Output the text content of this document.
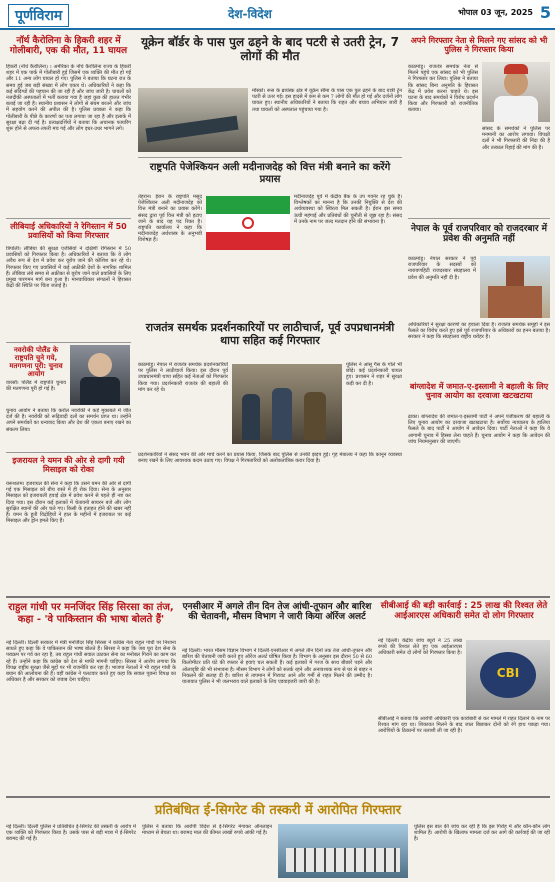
पूर्णविराम	देश-विदेश	भोपाल 03 जून, 2025 5
नॉर्थ कैरोलिना के हिकरी शहर में गोलीबारी, एक की मौत, 11 घायल
हिकरी (नॉर्थ कैरोलिना) । अमेरिका के नॉर्थ कैरोलिना राज्य के हिकरी शहर में एक पार्क में गोलीबारी हुई जिसमें एक व्यक्ति की मौत हो गई और 11 अन्य लोग घायल हो गए। पुलिस ने बताया कि घटना रात के समय हुई जब बड़ी संख्या में लोग एकत्र थे। अधिकारियों ने कहा कि कई संदिग्धों की पहचान की जा रही है और जांच जारी है। घायलों को नजदीकी अस्पतालों में भर्ती कराया गया है जहां कुछ की हालत गंभीर बताई जा रही है। स्थानीय प्रशासन ने लोगों से संयम बरतने और जांच में सहयोग करने की अपील की है। पुलिस प्रवक्ता ने कहा कि गोलीबारी के पीछे के कारणों का पता लगाया जा रहा है और इलाके में सुरक्षा बढ़ा दी गई है। प्रत्यक्षदर्शियों ने बताया कि अचानक फायरिंग शुरू होने से अफरा-तफरी मच गई और लोग इधर-उधर भागने लगे।
लीबियाई अधिकारियों ने रेगिस्तान में 50 प्रवासियों को किया गिरफ्तार
त्रिपोली। लीबिया की सुरक्षा एजेंसियों ने दक्षिणी रेगिस्तान में 50 प्रवासियों को गिरफ्तार किया है। अधिकारियों ने बताया कि ये लोग अवैध रूप से देश में प्रवेश कर यूरोप जाने की कोशिश कर रहे थे। गिरफ्तार किए गए प्रवासियों में कई अफ्रीकी देशों के नागरिक शामिल हैं। लीबिया लंबे समय से अफ्रीका से यूरोप जाने वाले प्रवासियों के लिए प्रमुख पारगमन मार्ग बना हुआ है। मानवाधिकार संगठनों ने हिरासत केंद्रों की स्थिति पर चिंता जताई है।
नवरोकी पोलैंड के राष्ट्रपति चुने गये, मतगणना पूरी: चुनाव आयोग
वारसॉ। पोलैंड में राष्ट्रपति चुनाव की मतगणना पूरी हो गई है।
चुनाव आयोग ने बताया कि करोल नवरोकी ने कड़े मुकाबले में जीत दर्ज की है। नवरोकी को रूढ़िवादी दलों का समर्थन प्राप्त था। उन्होंने अपने समर्थकों का धन्यवाद किया और देश की एकता बनाए रखने का संकल्प लिया।
इजरायल ने यमन की ओर से दागी गयी मिसाइल को रोका
यरूशलम। इजरायल की सेना ने कहा कि उसने यमन की ओर से दागी गई एक मिसाइल को बीच रास्ते में ही रोक दिया। सेना के अनुसार मिसाइल को इजरायली हवाई क्षेत्र में प्रवेश करने से पहले ही नष्ट कर दिया गया। इस दौरान कई इलाकों में चेतावनी सायरन बजे और लोग सुरक्षित स्थानों की ओर चले गए। किसी के हताहत होने की खबर नहीं है। यमन के हूती विद्रोहियों ने हाल के महीनों में इजरायल पर कई मिसाइल और ड्रोन हमले किए हैं।
यूक्रेन बॉर्डर के पास पुल ढहने के बाद पटरी से उतरी ट्रेन, 7 लोगों की मौत
मॉस्को। रूस के ब्रायंस्क क्षेत्र में यूक्रेन सीमा के पास एक पुल ढहने के बाद यात्री ट्रेन पटरी से उतर गई। इस हादसे में कम से कम 7 लोगों की मौत हो गई और दर्जनों लोग घायल हुए। स्थानीय अधिकारियों ने बताया कि राहत और बचाव अभियान जारी है तथा घायलों को अस्पताल पहुंचाया गया है।
राष्ट्रपति पेजेश्कियन अली मदीनाजदेह को वित्त मंत्री बनाने का करेंगे प्रयास
तेहरान। ईरान के राष्ट्रपति मसूद पेजेश्कियन अली मदीनाजदेह को वित्त मंत्री बनाने का प्रयास करेंगे। संसद द्वारा पूर्व वित्त मंत्री को हटाए जाने के बाद यह पद रिक्त है। राष्ट्रपति कार्यालय ने कहा कि मदीनाजदेह अर्थशास्त्र के अनुभवी विशेषज्ञ हैं।
मदीनाजदेह पूर्व में केंद्रीय बैंक के उप गवर्नर रह चुके हैं। विश्लेषकों का मानना है कि उनकी नियुक्ति से देश की अर्थव्यवस्था को स्थिरता मिल सकती है। ईरान इस समय ऊंची महंगाई और प्रतिबंधों की चुनौती से जूझ रहा है। संसद में उनके नाम पर जल्द मतदान होने की संभावना है।
अपने गिरफ्तार नेता से मिलने गए सांसद को भी पुलिस ने गिरफ्तार किया
काठमांडू। राजतंत्र समर्थक नेता से मिलने पहुंचे एक सांसद को भी पुलिस ने गिरफ्तार कर लिया। पुलिस ने बताया कि सांसद बिना अनुमति के हिरासत केंद्र में प्रवेश करना चाहते थे। इस घटना के बाद समर्थकों ने विरोध प्रदर्शन किया और गिरफ्तारी को राजनीतिक बताया।
सांसद के समर्थकों ने पुलिस पर मनमानी का आरोप लगाया। विपक्षी दलों ने भी गिरफ्तारी की निंदा की है और तत्काल रिहाई की मांग की है।
नेपाल के पूर्व राजपरिवार को राजदरबार में प्रवेश की अनुमति नहीं
काठमांडू। नेपाल सरकार ने पूर्व राजपरिवार के सदस्यों को नारायणहिटी राजदरबार संग्रहालय में प्रवेश की अनुमति नहीं दी है।
अधिकारियों ने सुरक्षा कारणों का हवाला दिया है। राजतंत्र समर्थक समूहों ने इस फैसले का विरोध करते हुए इसे पूर्व राजपरिवार के अधिकारों का हनन बताया है। सरकार ने कहा कि संग्रहालय राष्ट्रीय धरोहर है।
राजतंत्र समर्थक प्रदर्शनकारियों पर लाठीचार्ज, पूर्व उपप्रधानमंत्री थापा सहित कई गिरफ्तार
काठमांडू। नेपाल में राजतंत्र समर्थक प्रदर्शनकारियों पर पुलिस ने लाठीचार्ज किया। इस दौरान पूर्व उपप्रधानमंत्री थापा सहित कई नेताओं को गिरफ्तार किया गया। प्रदर्शनकारी राजतंत्र की बहाली की मांग कर रहे थे।
पुलिस ने आंसू गैस के गोले भी छोड़े। कई प्रदर्शनकारी घायल हुए। प्रशासन ने शहर में सुरक्षा कड़ी कर दी है।
प्रदर्शनकारियों ने संसद भवन की ओर मार्च करने का प्रयास किया, जिसके बाद पुलिस से उनकी झड़प हुई। गृह मंत्रालय ने कहा कि कानून व्यवस्था बनाए रखने के लिए आवश्यक कदम उठाए गए। विपक्ष ने गिरफ्तारियों को अलोकतांत्रिक करार दिया है।
बांग्लादेश में जमात-ए-इस्लामी ने बहाली के लिए चुनाव आयोग का दरवाजा खटखटाया
ढाका। बांग्लादेश की जमात-ए-इस्लामी पार्टी ने अपने पंजीकरण की बहाली के लिए चुनाव आयोग का दरवाजा खटखटाया है। सर्वोच्च न्यायालय के हालिया फैसले के बाद पार्टी ने आयोग में आवेदन दिया। पार्टी नेताओं ने कहा कि वे आगामी चुनाव में हिस्सा लेना चाहते हैं। चुनाव आयोग ने कहा कि आवेदन की जांच नियमानुसार की जाएगी।
राहुल गांधी पर मनजिंदर सिंह सिरसा का तंज, कहा - 'वे पाकिस्तान की भाषा बोलते हैं'
नई दिल्ली। दिल्ली सरकार में मंत्री मनजिंदर सिंह सिरसा ने कांग्रेस नेता राहुल गांधी पर निशाना साधते हुए कहा कि वे पाकिस्तान की भाषा बोलते हैं। सिरसा ने कहा कि जब पूरा देश सेना के पराक्रम पर गर्व कर रहा है, तब राहुल गांधी सवाल उठाकर सेना का मनोबल गिराने का काम कर रहे हैं। उन्होंने कहा कि कांग्रेस को देश से माफी मांगनी चाहिए। सिरसा ने आरोप लगाया कि विपक्ष राष्ट्रीय सुरक्षा जैसे मुद्दों पर भी राजनीति कर रहा है। भाजपा नेताओं ने भी राहुल गांधी के बयान की आलोचना की है। वहीं कांग्रेस ने पलटवार करते हुए कहा कि सवाल पूछना विपक्ष का अधिकार है और सरकार को जवाब देना चाहिए।
एनसीआर में अगले तीन दिन तेज आंधी-तूफान और बारिश की चेतावनी, मौसम विभाग ने जारी किया ऑरेंज अलर्ट
नई दिल्ली। भारत मौसम विज्ञान विभाग ने दिल्ली-एनसीआर में अगले तीन दिनों तक तेज आंधी-तूफान और बारिश की चेतावनी जारी करते हुए ऑरेंज अलर्ट घोषित किया है। विभाग के अनुसार इस दौरान 50 से 60 किलोमीटर प्रति घंटे की रफ्तार से हवाएं चल सकती हैं। कई इलाकों में गरज के साथ बौछारें पड़ने और ओलावृष्टि की भी संभावना है। मौसम विभाग ने लोगों को सतर्क रहने और अनावश्यक रूप से घर से बाहर न निकलने की सलाह दी है। बारिश से तापमान में गिरावट आने और गर्मी से राहत मिलने की उम्मीद है। यातायात पुलिस ने भी जलभराव वाले इलाकों के लिए एडवाइजरी जारी की है।
सीबीआई की बड़ी कार्रवाई : 25 लाख की रिश्वत लेते आईआरएस अधिकारी समेत दो लोग गिरफ्तार
नई दिल्ली। केंद्रीय जांच ब्यूरो ने 25 लाख रुपये की रिश्वत लेते हुए एक आईआरएस अधिकारी समेत दो लोगों को गिरफ्तार किया है।
CBI
सीबीआई ने बताया कि आरोपी अधिकारी एक कारोबारी से कर मामले में राहत दिलाने के नाम पर रिश्वत मांग रहा था। शिकायत मिलने के बाद जाल बिछाकर दोनों को रंगे हाथ पकड़ा गया। आरोपियों के ठिकानों पर तलाशी ली जा रही है।
प्रतिबंधित ई-सिगरेट की तस्करी में आरोपित गिरफ्तार
नई दिल्ली। दिल्ली पुलिस ने प्रतिबंधित ई-सिगरेट की तस्करी के आरोप में एक व्यक्ति को गिरफ्तार किया है। उसके पास से बड़ी मात्रा में ई-सिगरेट बरामद की गई है।
पुलिस ने बताया कि आरोपी विदेश से ई-सिगरेट मंगाकर ऑनलाइन माध्यम से बेचता था। बरामद माल की कीमत लाखों रुपये आंकी गई है।
पुलिस इस बात की जांच कर रही है कि इस गिरोह में और कौन-कौन लोग शामिल हैं। आरोपी के खिलाफ मामला दर्ज कर आगे की कार्रवाई की जा रही है।
